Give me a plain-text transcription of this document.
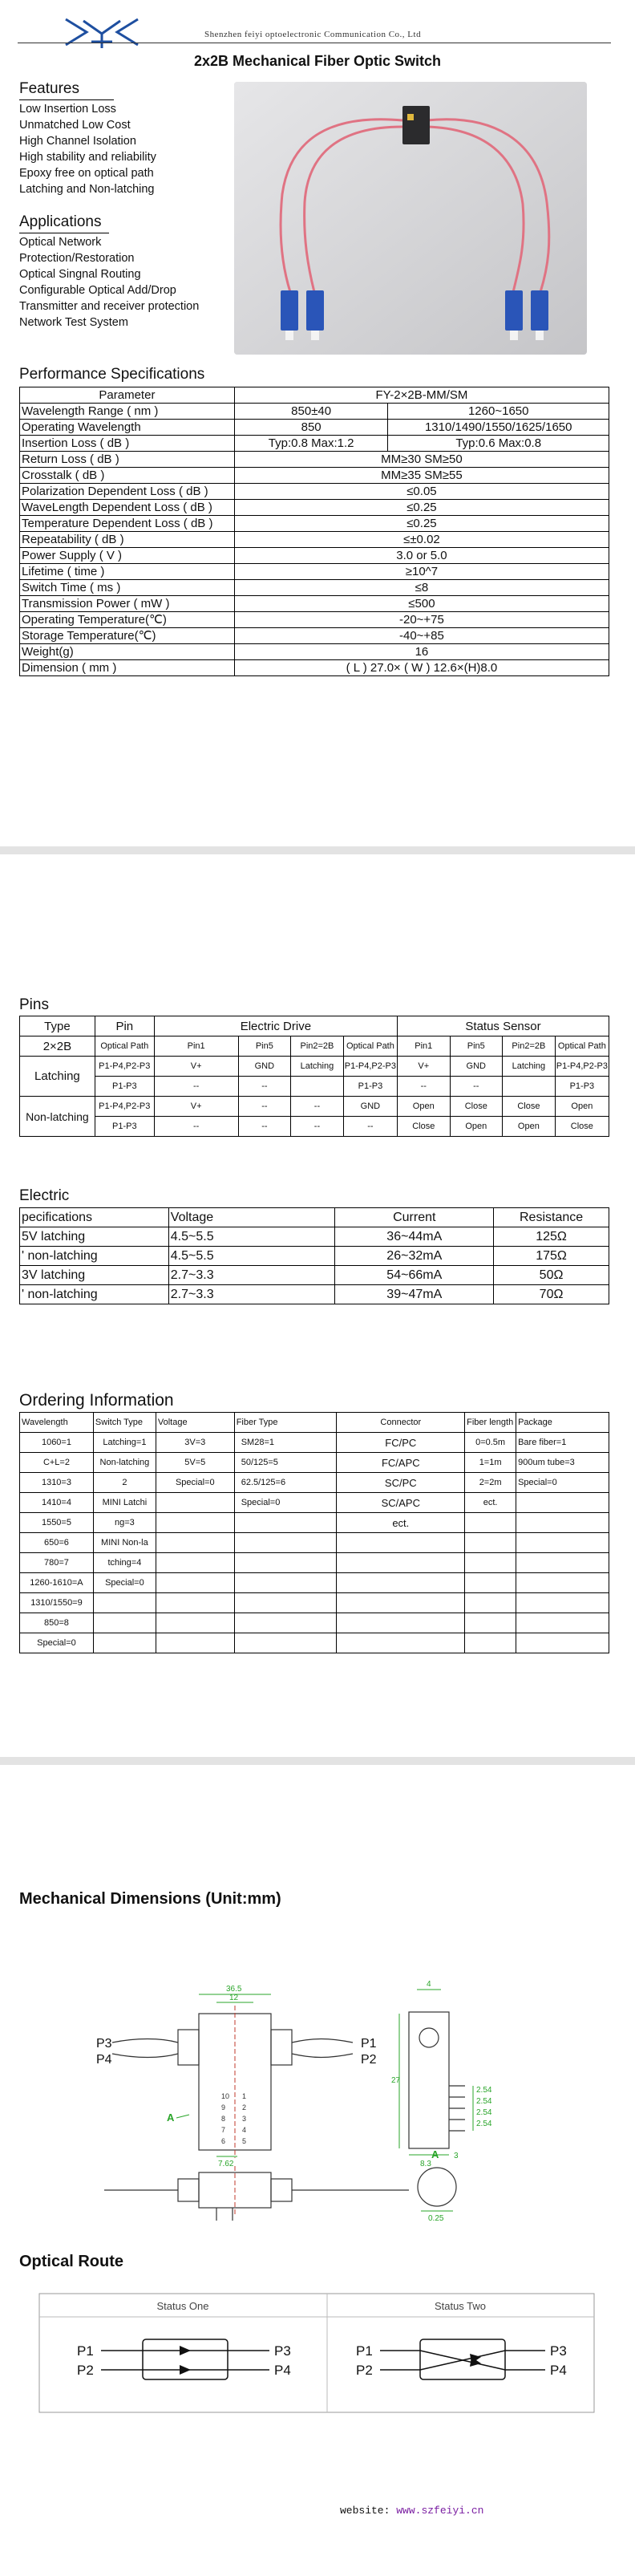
Shenzhen feiyi optoelectronic Communication Co., Ltd
2x2B Mechanical Fiber Optic Switch
Features
Low Insertion Loss
Unmatched Low Cost
High Channel Isolation
High stability and reliability
Epoxy free on optical path
Latching and Non-latching
Applications
Optical Network
Protection/Restoration
Optical Singnal Routing
Configurable Optical Add/Drop
Transmitter and receiver protection
Network Test System
Performance Specifications
Parameter	FY-2×2B-MM/SM	
Wavelength Range ( nm )	850±40	1260~1650
Operating Wavelength	850	1310/1490/1550/1625/1650
Insertion Loss ( dB )	Typ:0.8 Max:1.2	Typ:0.6 Max:0.8
Return Loss ( dB )	MM≥30 SM≥50	
Crosstalk ( dB )	MM≥35 SM≥55	
Polarization Dependent Loss ( dB )	≤0.05	
WaveLength Dependent Loss ( dB )	≤0.25	
Temperature Dependent Loss ( dB )	≤0.25	
Repeatability ( dB )	≤±0.02	
Power Supply ( V )	3.0 or 5.0	
Lifetime ( time )	≥10^7	
Switch Time ( ms )	≤8	
Transmission Power ( mW )	≤500	
Operating Temperature(℃)	-20~+75	
Storage Temperature(℃)	-40~+85	
Weight(g)	16	
Dimension ( mm )	( L ) 27.0× ( W ) 12.6×(H)8.0	
Pins
Type	Pin	Electric Drive				Status Sensor			
2×2B	Optical Path	Pin1	Pin5	Pin2=2B	Optical Path	Pin1	Pin5	Pin2=2B	Optical Path
Latching	P1-P4,P2-P3	V+	GND	Latching	P1-P4,P2-P3	V+	GND	Latching	P1-P4,P2-P3
	P1-P3	--	--		P1-P3	--	--		P1-P3
Non-latching	P1-P4,P2-P3	V+	--	--	GND	Open	Close	Close	Open
	P1-P3	--	--	--	--	Close	Open	Open	Close
Electric
pecifications	Voltage	Current	Resistance
5V latching	4.5~5.5	36~44mA	125Ω
' non-latching	4.5~5.5	26~32mA	175Ω
3V latching	2.7~3.3	54~66mA	50Ω
' non-latching	2.7~3.3	39~47mA	70Ω
Ordering Information
Wavelength	Switch Type	Voltage	Fiber Type	Connector	Fiber length	Package
1060=1	Latching=1	3V=3	SM28=1	FC/PC	0=0.5m	Bare fiber=1
C+L=2	Non-latching	5V=5	50/125=5	FC/APC	1=1m	900um tube=3
1310=3	2	Special=0	62.5/125=6	SC/PC	2=2m	Special=0
1410=4	MINI Latchi		Special=0	SC/APC	ect.	
1550=5	ng=3			ect.		
650=6	MINI Non-la					
780=7	tching=4					
1260-1610=A	Special=0					
1310/1550=9						
850=8						
Special=0						
Mechanical Dimensions (Unit:mm)
36.5
12
27
7.62
4
2.54
2.54
2.54
2.54
8.3
3
0.25
A
A
10
9
8
7
6
1
2
3
4
5
P3
P4
P1
P2
Optical Route
Status One	Status Two
P1
P2
P3
P4
P1
P2
P3
P4
website: www.szfeiyi.cn
